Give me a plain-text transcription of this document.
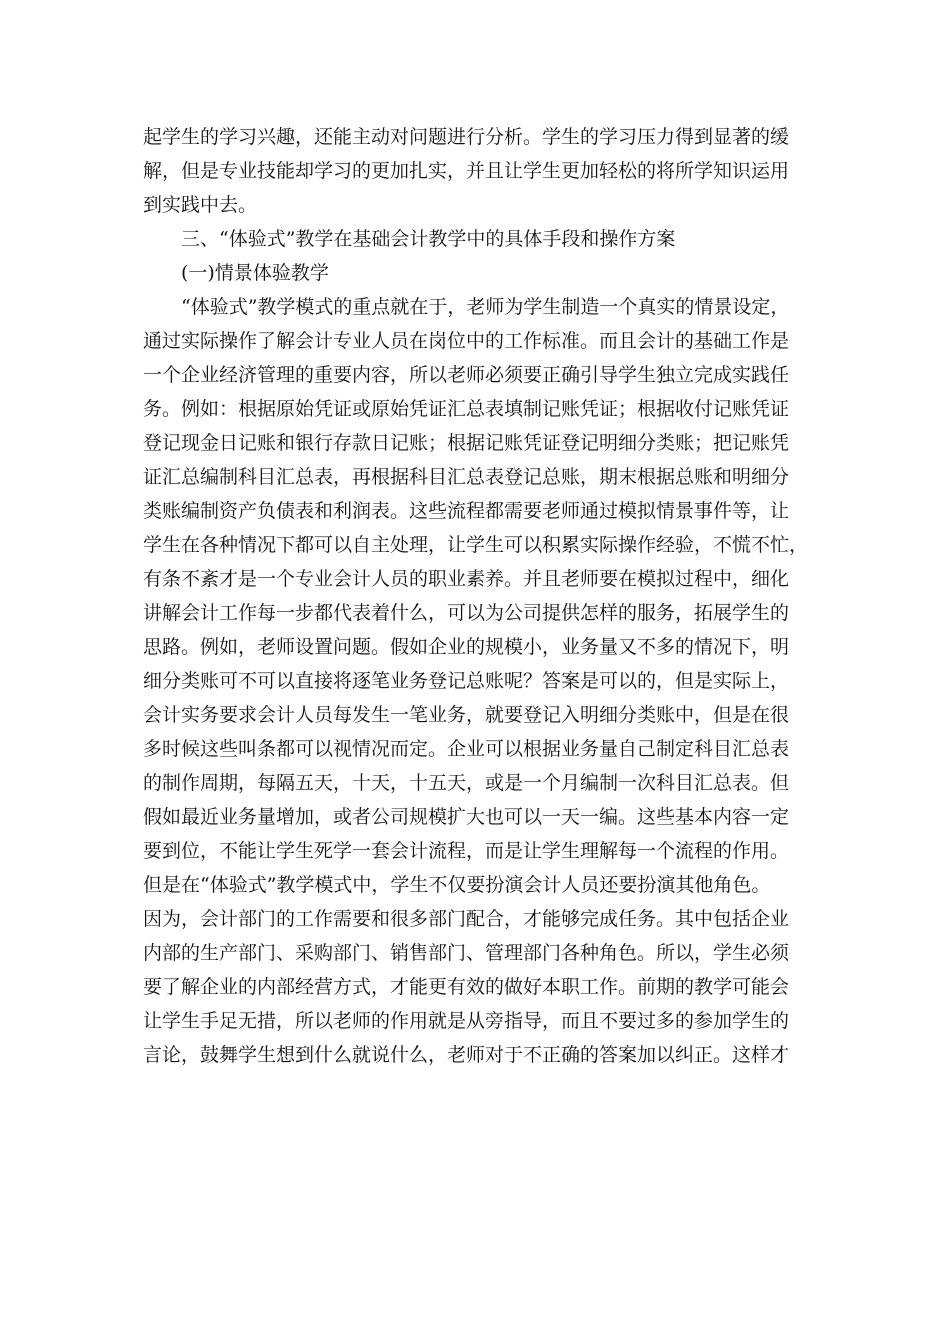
起学生的学习兴趣，还能主动对问题进行分析。学生的学习压力得到显著的缓
解，但是专业技能却学习的更加扎实，并且让学生更加轻松的将所学知识运用
到实践中去。
　　三、“体验式”教学在基础会计教学中的具体手段和操作方案
　　(一)情景体验教学
　　“体验式”教学模式的重点就在于，老师为学生制造一个真实的情景设定，
通过实际操作了解会计专业人员在岗位中的工作标准。而且会计的基础工作是
一个企业经济管理的重要内容，所以老师必须要正确引导学生独立完成实践任
务。例如：根据原始凭证或原始凭证汇总表填制记账凭证；根据收付记账凭证
登记现金日记账和银行存款日记账；根据记账凭证登记明细分类账；把记账凭
证汇总编制科目汇总表，再根据科目汇总表登记总账，期末根据总账和明细分
类账编制资产负债表和利润表。这些流程都需要老师通过模拟情景事件等，让
学生在各种情况下都可以自主处理，让学生可以积累实际操作经验，不慌不忙，
有条不紊才是一个专业会计人员的职业素养。并且老师要在模拟过程中，细化
讲解会计工作每一步都代表着什么，可以为公司提供怎样的服务，拓展学生的
思路。例如，老师设置问题。假如企业的规模小，业务量又不多的情况下，明
细分类账可不可以直接将逐笔业务登记总账呢？答案是可以的，但是实际上，
会计实务要求会计人员每发生一笔业务，就要登记入明细分类账中，但是在很
多时候这些叫条都可以视情况而定。企业可以根据业务量自己制定科目汇总表
的制作周期，每隔五天，十天，十五天，或是一个月编制一次科目汇总表。但
假如最近业务量增加，或者公司规模扩大也可以一天一编。这些基本内容一定
要到位，不能让学生死学一套会计流程，而是让学生理解每一个流程的作用。
但是在“体验式”教学模式中，学生不仅要扮演会计人员还要扮演其他角色。
因为，会计部门的工作需要和很多部门配合，才能够完成任务。其中包括企业
内部的生产部门、采购部门、销售部门、管理部门各种角色。所以，学生必须
要了解企业的内部经营方式，才能更有效的做好本职工作。前期的教学可能会
让学生手足无措，所以老师的作用就是从旁指导，而且不要过多的参加学生的
言论，鼓舞学生想到什么就说什么，老师对于不正确的答案加以纠正。这样才
